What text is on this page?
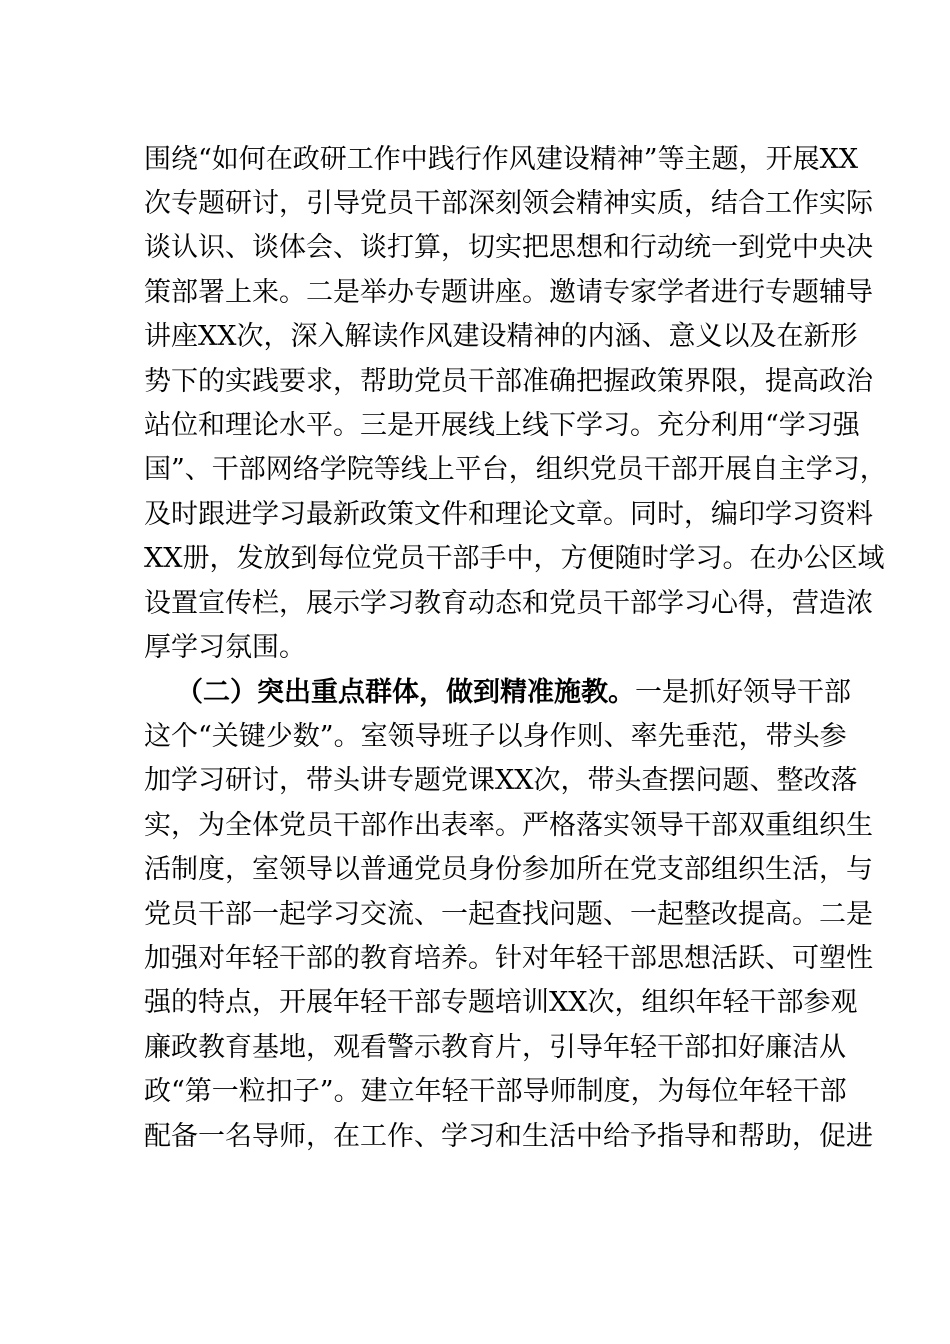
围绕“如何在政研工作中践行作风建设精神”等主题，开展XX
次专题研讨，引导党员干部深刻领会精神实质，结合工作实际
谈认识、谈体会、谈打算，切实把思想和行动统一到党中央决
策部署上来。二是举办专题讲座。邀请专家学者进行专题辅导
讲座XX次，深入解读作风建设精神的内涵、意义以及在新形
势下的实践要求，帮助党员干部准确把握政策界限，提高政治
站位和理论水平。三是开展线上线下学习。充分利用“学习强
国”、干部网络学院等线上平台，组织党员干部开展自主学习，
及时跟进学习最新政策文件和理论文章。同时，编印学习资料
XX册，发放到每位党员干部手中，方便随时学习。在办公区域
设置宣传栏，展示学习教育动态和党员干部学习心得，营造浓
厚学习氛围。
（二）突出重点群体，做到精准施教。一是抓好领导干部
这个“关键少数”。室领导班子以身作则、率先垂范，带头参
加学习研讨，带头讲专题党课XX次，带头查摆问题、整改落
实，为全体党员干部作出表率。严格落实领导干部双重组织生
活制度，室领导以普通党员身份参加所在党支部组织生活，与
党员干部一起学习交流、一起查找问题、一起整改提高。二是
加强对年轻干部的教育培养。针对年轻干部思想活跃、可塑性
强的特点，开展年轻干部专题培训XX次，组织年轻干部参观
廉政教育基地，观看警示教育片，引导年轻干部扣好廉洁从
政“第一粒扣子”。建立年轻干部导师制度，为每位年轻干部
配备一名导师，在工作、学习和生活中给予指导和帮助，促进
